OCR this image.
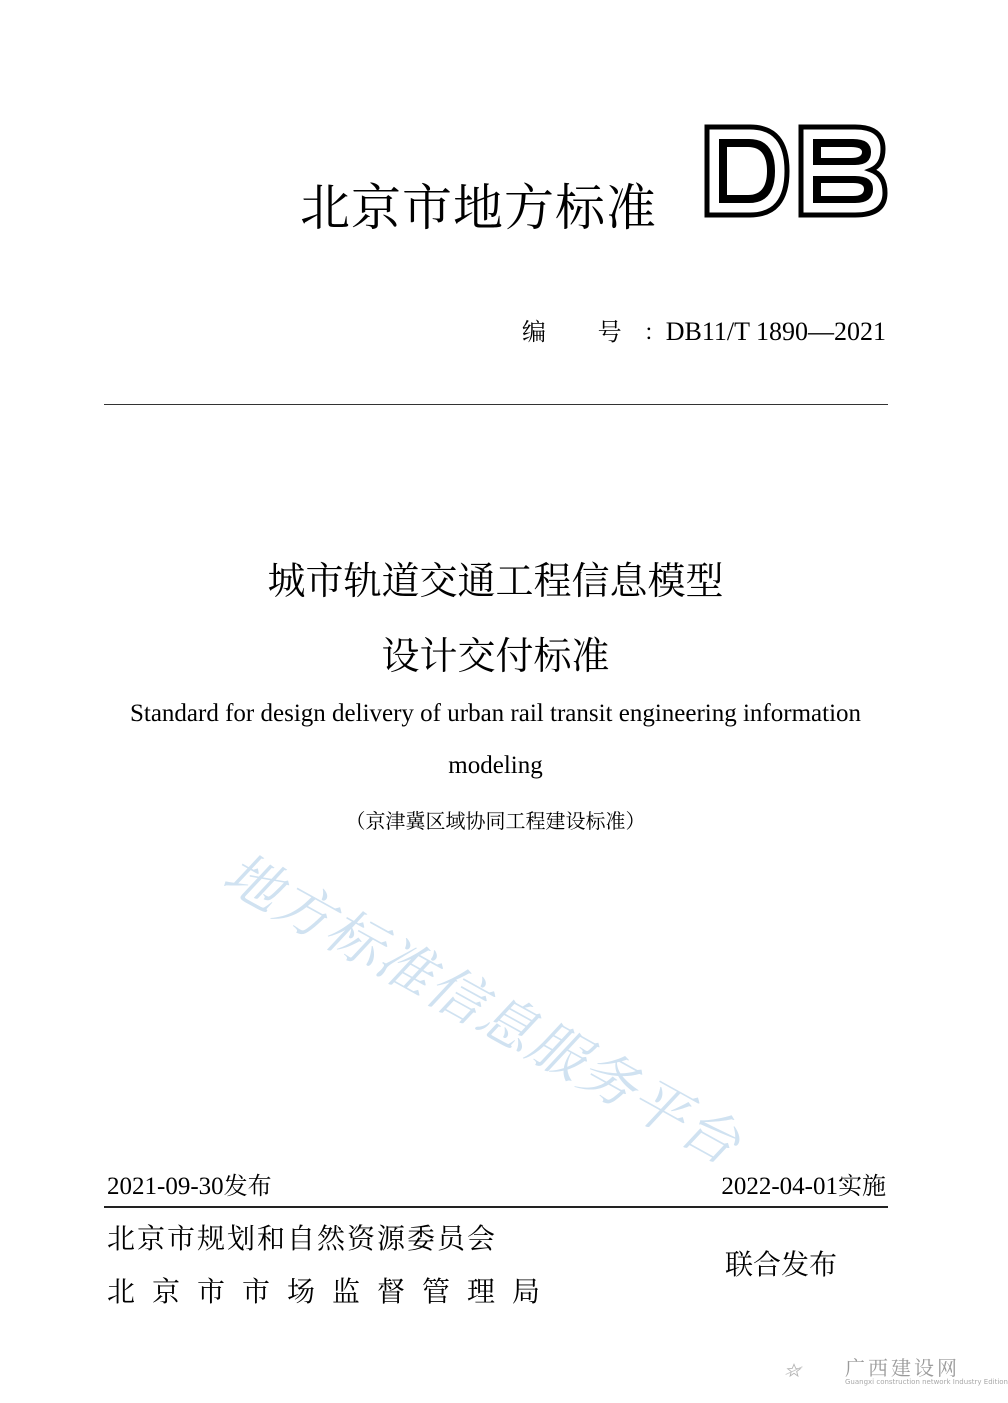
北京市地方标准
DB
编 号：DB11/T 1890—2021
城市轨道交通工程信息模型
设计交付标准
Standard for design delivery of urban rail transit engineering information
modeling
（京津冀区域协同工程建设标准）
地方标准信息服务平台
2021-09-30发布	2022-04-01实施
北京市规划和自然资源委员会
北京市市场监督管理局
联合发布
广西建设网
Guangxi construction network Industry Edition
